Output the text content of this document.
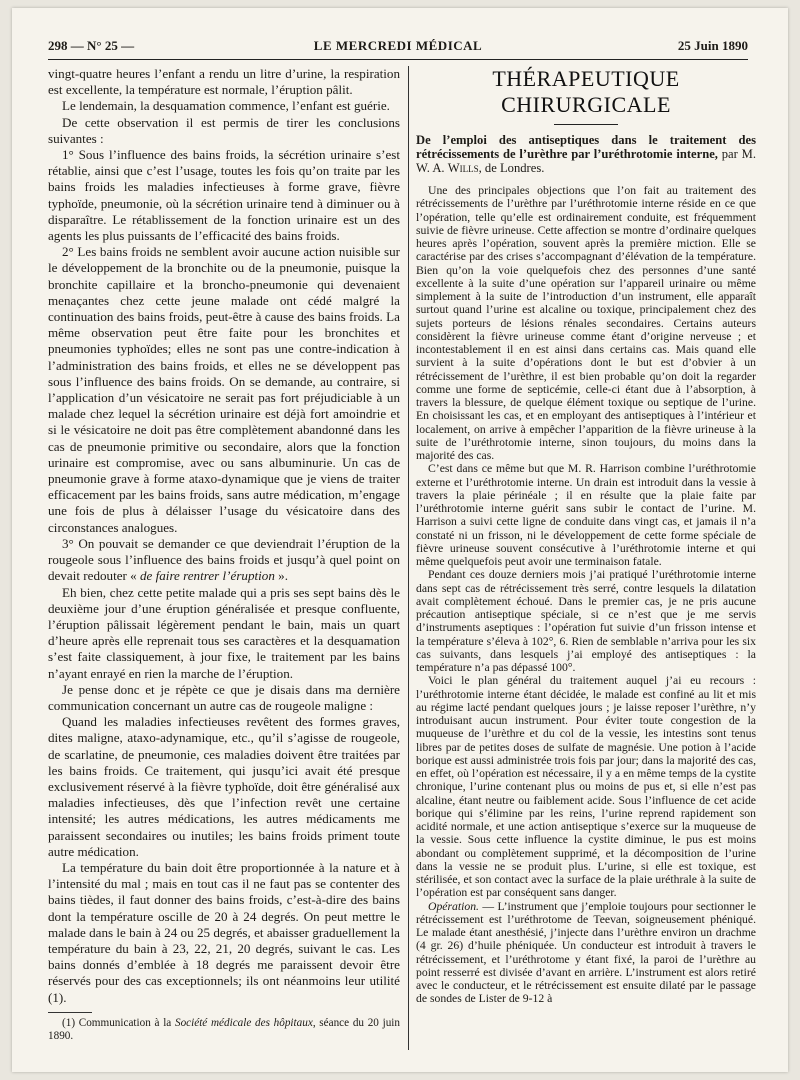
298 — N° 25 —	LE MERCREDI MÉDICAL	25 Juin 1890

vingt-quatre heures l’enfant a rendu un litre d’urine, la respiration est excellente, la température est normale, l’éruption pâlit.

Le lendemain, la desquamation commence, l’enfant est guérie.

De cette observation il est permis de tirer les conclusions suivantes :

1° Sous l’influence des bains froids, la sécrétion urinaire s’est rétablie, ainsi que c’est l’usage, toutes les fois qu’on traite par les bains froids les maladies infectieuses à forme grave, fièvre typhoïde, pneumonie, où la sécrétion urinaire tend à diminuer ou à disparaître. Le rétablissement de la fonction urinaire est un des agents les plus puissants de l’efficacité des bains froids.

2° Les bains froids ne semblent avoir aucune action nuisible sur le développement de la bronchite ou de la pneumonie, puisque la bronchite capillaire et la broncho-pneumonie qui devenaient menaçantes chez cette jeune malade ont cédé malgré la continuation des bains froids, peut-être à cause des bains froids. La même observation peut être faite pour les bronchites et pneumonies typhoïdes; elles ne sont pas une contre-indication à l’administration des bains froids, et elles ne se développent pas sous l’influence des bains froids. On se demande, au contraire, si l’application d’un vésicatoire ne serait pas fort préjudiciable à un malade chez lequel la sécrétion urinaire est déjà fort amoindrie et si le vésicatoire ne doit pas être complètement abandonné dans les cas de pneumonie primitive ou secondaire, alors que la fonction urinaire est compromise, avec ou sans albuminurie. Un cas de pneumonie grave à forme ataxo-dynamique que je viens de traiter efficacement par les bains froids, sans autre médication, m’engage une fois de plus à délaisser l’usage du vésicatoire dans des circonstances analogues.

3° On pouvait se demander ce que deviendrait l’éruption de la rougeole sous l’influence des bains froids et jusqu’à quel point on devait redouter « de faire rentrer l’éruption ».

Eh bien, chez cette petite malade qui a pris ses sept bains dès le deuxième jour d’une éruption généralisée et presque confluente, l’éruption pâlissait légèrement pendant le bain, mais un quart d’heure après elle reprenait tous ses caractères et la desquamation s’est faite classiquement, à jour fixe, le traitement par les bains n’ayant enrayé en rien la marche de l’éruption.

Je pense donc et je répète ce que je disais dans ma dernière communication concernant un autre cas de rougeole maligne :

Quand les maladies infectieuses revêtent des formes graves, dites maligne, ataxo-adynamique, etc., qu’il s’agisse de rougeole, de scarlatine, de pneumonie, ces maladies doivent être traitées par les bains froids. Ce traitement, qui jusqu’ici avait été presque exclusivement réservé à la fièvre typhoïde, doit être généralisé aux maladies infectieuses, dès que l’infection revêt une certaine intensité; les autres médications, les autres médicaments me paraissent secondaires ou inutiles; les bains froids priment toute autre médication.

La température du bain doit être proportionnée à la nature et à l’intensité du mal ; mais en tout cas il ne faut pas se contenter des bains tièdes, il faut donner des bains froids, c’est-à-dire des bains dont la température oscille de 20 à 24 degrés. On peut mettre le malade dans le bain à 24 ou 25 degrés, et abaisser graduellement la température du bain à 23, 22, 21, 20 degrés, suivant le cas. Les bains donnés d’emblée à 18 degrés me paraissent devoir être réservés pour des cas exceptionnels; ils ont néanmoins leur utilité (1).

(1) Communication à la Société médicale des hôpitaux, séance du 20 juin 1890.

THÉRAPEUTIQUE CHIRURGICALE
De l’emploi des antiseptiques dans le traitement des rétrécissements de l’urèthre par l’uréthrotomie interne, par M. W. A. Wills, de Londres.

Une des principales objections que l’on fait au traitement des rétrécissements de l’urèthre par l’uréthrotomie interne réside en ce que l’opération, telle qu’elle est ordinairement conduite, est fréquemment suivie de fièvre urineuse. Cette affection se montre d’ordinaire quelques heures après l’opération, souvent après la première miction. Elle se caractérise par des crises s’accompagnant d’élévation de la température. Bien qu’on la voie quelquefois chez des personnes d’une santé excellente à la suite d’une opération sur l’appareil urinaire ou même simplement à la suite de l’introduction d’un instrument, elle apparaît surtout quand l’urine est alcaline ou toxique, principalement chez des sujets porteurs de lésions rénales secondaires. Certains auteurs considèrent la fièvre urineuse comme étant d’origine nerveuse ; et incontestablement il en est ainsi dans certains cas. Mais quand elle survient à la suite d’opérations dont le but est d’obvier à un rétrécissement de l’urèthre, il est bien probable qu’on doit la regarder comme une forme de septicémie, celle-ci étant due à l’absorption, à travers la blessure, de quelque élément toxique ou septique de l’urine. En choisissant les cas, et en employant des antiseptiques à l’intérieur et localement, on arrive à empêcher l’apparition de la fièvre urineuse à la suite de l’uréthrotomie interne, sinon toujours, du moins dans la majorité des cas.

C’est dans ce même but que M. R. Harrison combine l’uréthrotomie externe et l’uréthrotomie interne. Un drain est introduit dans la vessie à travers la plaie périnéale ; il en résulte que la plaie faite par l’uréthrotomie interne guérit sans subir le contact de l’urine. M. Harrison a suivi cette ligne de conduite dans vingt cas, et jamais il n’a constaté ni un frisson, ni le développement de cette forme spéciale de fièvre urineuse souvent consécutive à l’uréthrotomie interne et qui même quelquefois peut avoir une terminaison fatale.

Pendant ces douze derniers mois j’ai pratiqué l’uréthrotomie interne dans sept cas de rétrécissement très serré, contre lesquels la dilatation avait complètement échoué. Dans le premier cas, je ne pris aucune précaution antiseptique spéciale, si ce n’est que je me servis d’instruments aseptiques : l’opération fut suivie d’un frisson intense et la température s’éleva à 102°, 6. Rien de semblable n’arriva pour les six cas suivants, dans lesquels j’ai employé des antiseptiques : la température n’a pas dépassé 100°.

Voici le plan général du traitement auquel j’ai eu recours : l’uréthrotomie interne étant décidée, le malade est confiné au lit et mis au régime lacté pendant quelques jours ; je laisse reposer l’urèthre, n’y introduisant aucun instrument. Pour éviter toute congestion de la muqueuse de l’urèthre et du col de la vessie, les intestins sont tenus libres par de petites doses de sulfate de magnésie. Une potion à l’acide borique est aussi administrée trois fois par jour; dans la majorité des cas, en effet, où l’opération est nécessaire, il y a en même temps de la cystite chronique, l’urine contenant plus ou moins de pus et, si elle n’est pas alcaline, étant neutre ou faiblement acide. Sous l’influence de cet acide borique qui s’élimine par les reins, l’urine reprend rapidement son acidité normale, et une action antiseptique s’exerce sur la muqueuse de la vessie. Sous cette influence la cystite diminue, le pus est moins abondant ou complètement supprimé, et la décomposition de l’urine dans la vessie ne se produit plus. L’urine, si elle est toxique, est stérilisée, et son contact avec la surface de la plaie uréthrale à la suite de l’opération est par conséquent sans danger.

Opération. — L’instrument que j’emploie toujours pour sectionner le rétrécissement est l’uréthrotome de Teevan, soigneusement phéniqué. Le malade étant anesthésié, j’injecte dans l’urèthre environ un drachme (4 gr. 26) d’huile phéniquée. Un conducteur est introduit à travers le rétrécissement, et l’uréthrotome y étant fixé, la paroi de l’urèthre au point resserré est divisée d’avant en arrière. L’instrument est alors retiré avec le conducteur, et le rétrécissement est ensuite dilaté par le passage de sondes de Lister de 9-12 à
